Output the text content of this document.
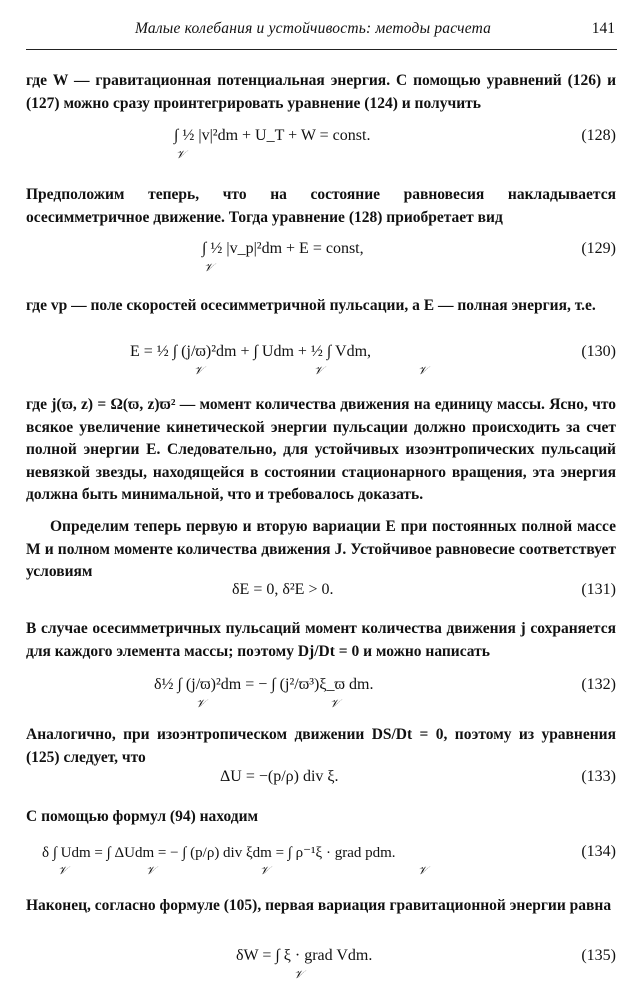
Малые колебания и устойчивость: методы расчета	141
где W — гравитационная потенциальная энергия. С помощью уравнений (126) и (127) можно сразу проинтегрировать уравнение (124) и получить
∫ ½ |v|²dm + U_T + W = const.
𝒱
(128)
Предположим теперь, что на состояние равновесия накладывается осесимметричное движение. Тогда уравнение (128) приобретает вид
∫ ½ |v_p|²dm + E = const,
𝒱
(129)
где vp — поле скоростей осесимметричной пульсации, а E — полная энергия, т.е.
E = ½ ∫ (j/ϖ)²dm + ∫ Udm + ½ ∫ Vdm,
𝒱	𝒱	𝒱
(130)
где j(ϖ, z) = Ω(ϖ, z)ϖ² — момент количества движения на единицу массы. Ясно, что всякое увеличение кинетической энергии пульсации должно происходить за счет полной энергии E. Следовательно, для устойчивых изоэнтропических пульсаций невязкой звезды, находящейся в состоянии стационарного вращения, эта энергия должна быть минимальной, что и требовалось доказать.
Определим теперь первую и вторую вариации E при постоянных полной массе M и полном моменте количества движения J. Устойчивое равновесие соответствует условиям
δE = 0, δ²E > 0.	(131)
В случае осесимметричных пульсаций момент количества движения j сохраняется для каждого элемента массы; поэтому Dj/Dt = 0 и можно написать
δ½ ∫ (j/ϖ)²dm = − ∫ (j²/ϖ³)ξ_ϖ dm.
𝒱	𝒱
(132)
Аналогично, при изоэнтропическом движении DS/Dt = 0, поэтому из уравнения (125) следует, что
ΔU = −(p/ρ) div ξ.	(133)
С помощью формул (94) находим
δ ∫ Udm = ∫ ΔUdm = − ∫ (p/ρ) div ξdm = ∫ ρ⁻¹ξ · grad pdm.
𝒱	𝒱	𝒱	𝒱
(134)
Наконец, согласно формуле (105), первая вариация гравитационной энергии равна
δW = ∫ ξ · grad Vdm.
𝒱
(135)
